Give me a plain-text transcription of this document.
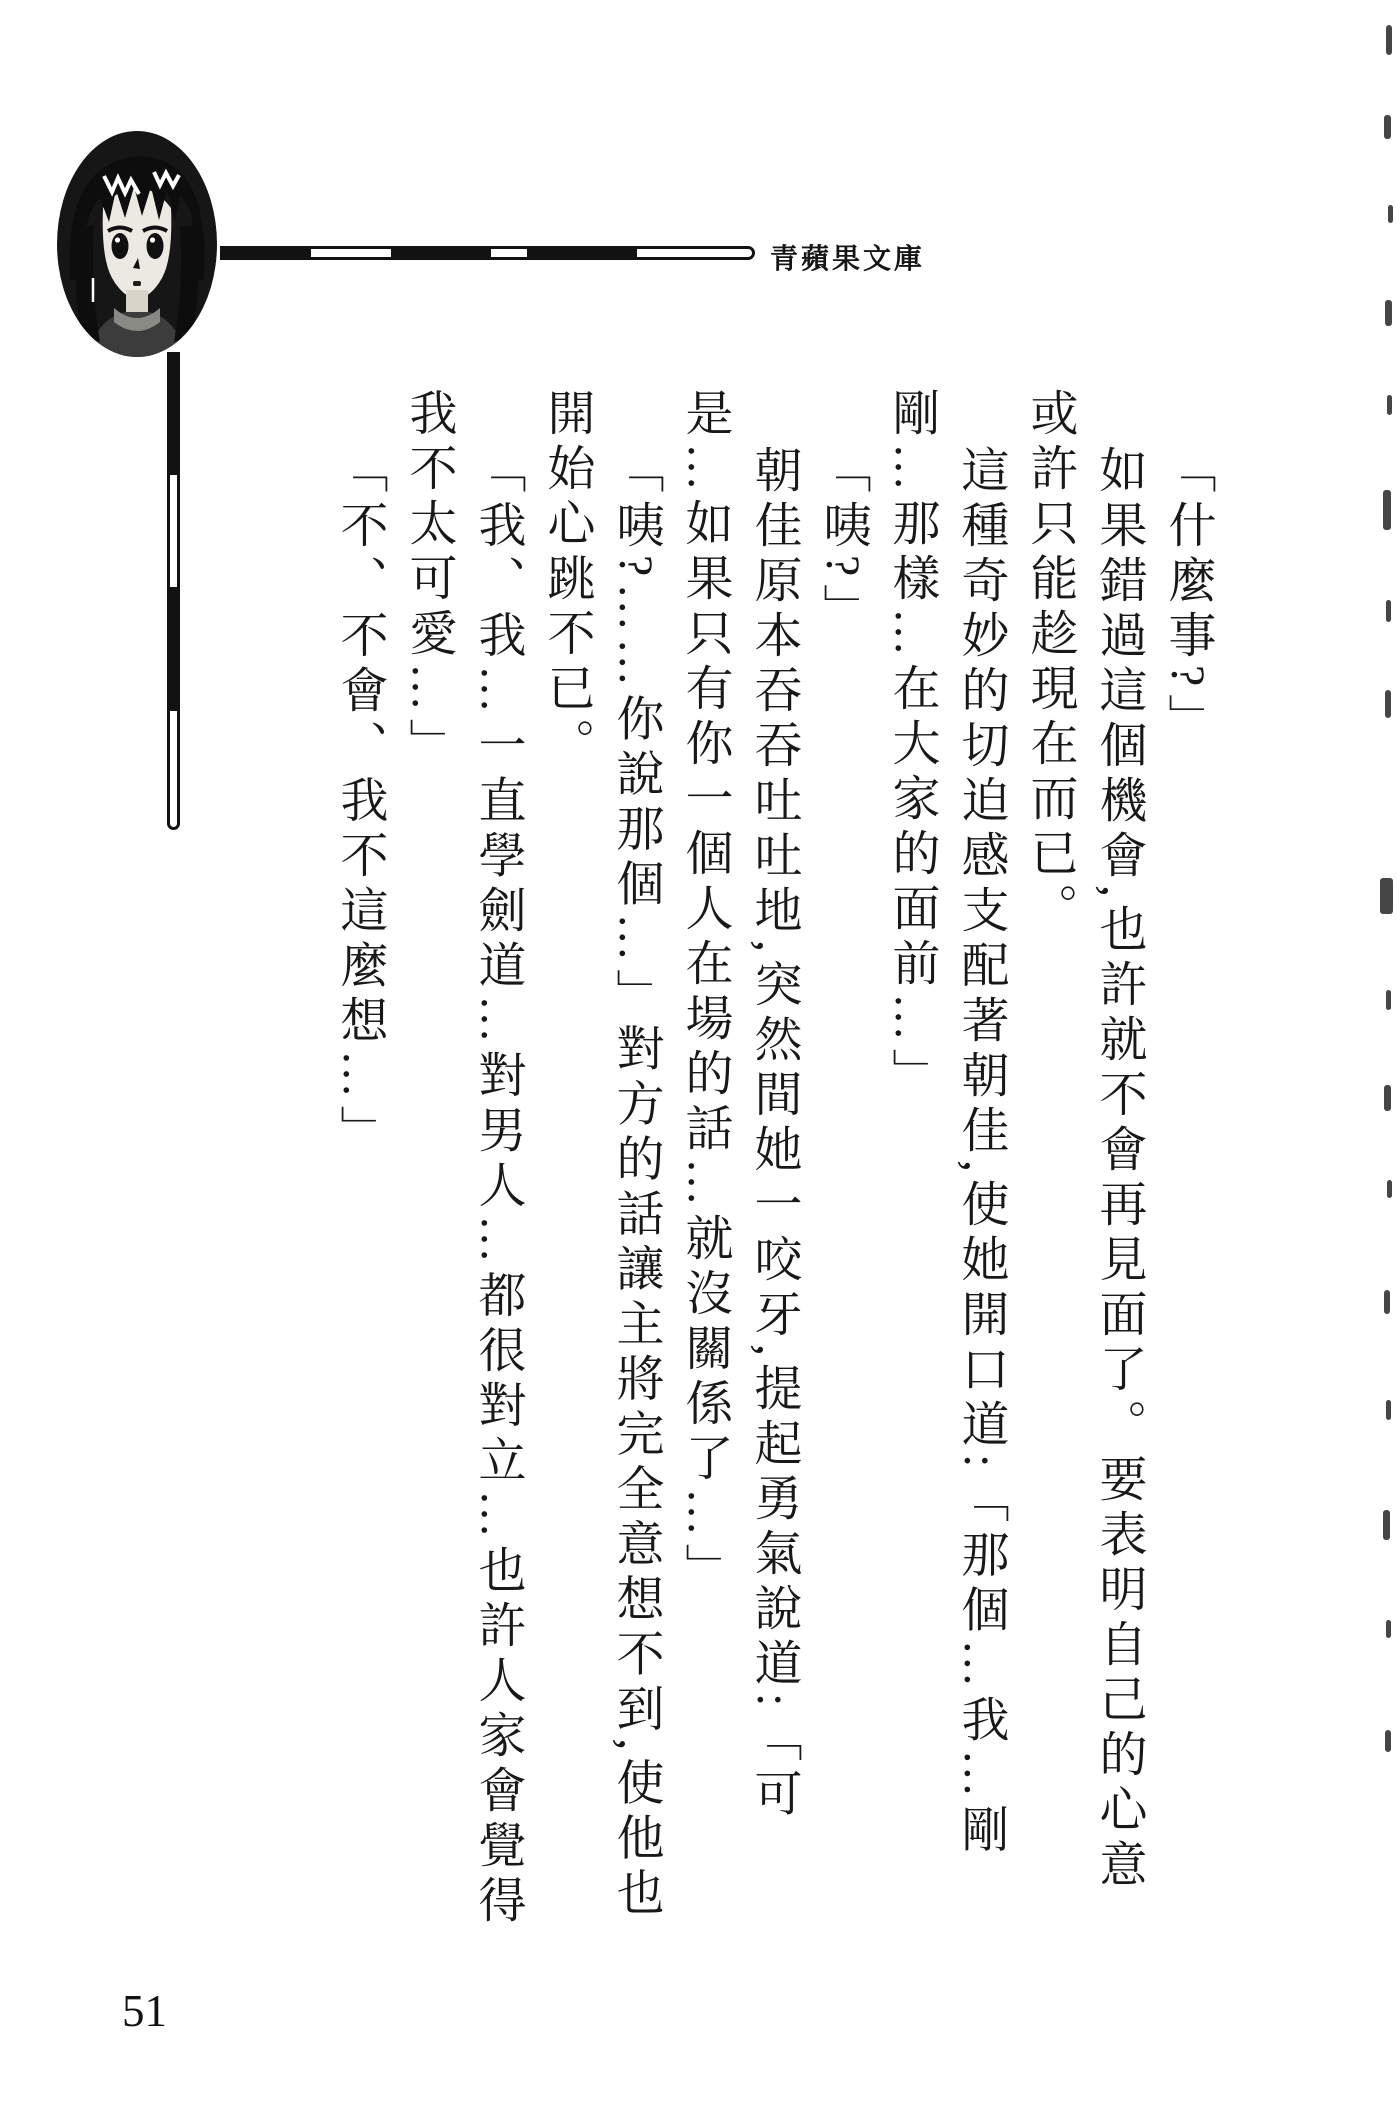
青蘋果文庫

「什麼事?」

如果錯過這個機會,也許就不會再見面了。要表明自己的心意

或許只能趁現在而已。

這種奇妙的切迫感支配著朝佳,使她開口道:「那個…我…剛

剛…那樣…在大家的面前…」

「咦?」

朝佳原本吞吞吐吐地,突然間她一咬牙,提起勇氣說道:「可

是…如果只有你一個人在場的話…就沒關係了…」

「咦?……你說那個…」對方的話讓主將完全意想不到,使他也

開始心跳不已。

「我、我…一直學劍道…對男人…都很對立…也許人家會覺得

我不太可愛…」

「不、不會、我不這麼想…」

51
